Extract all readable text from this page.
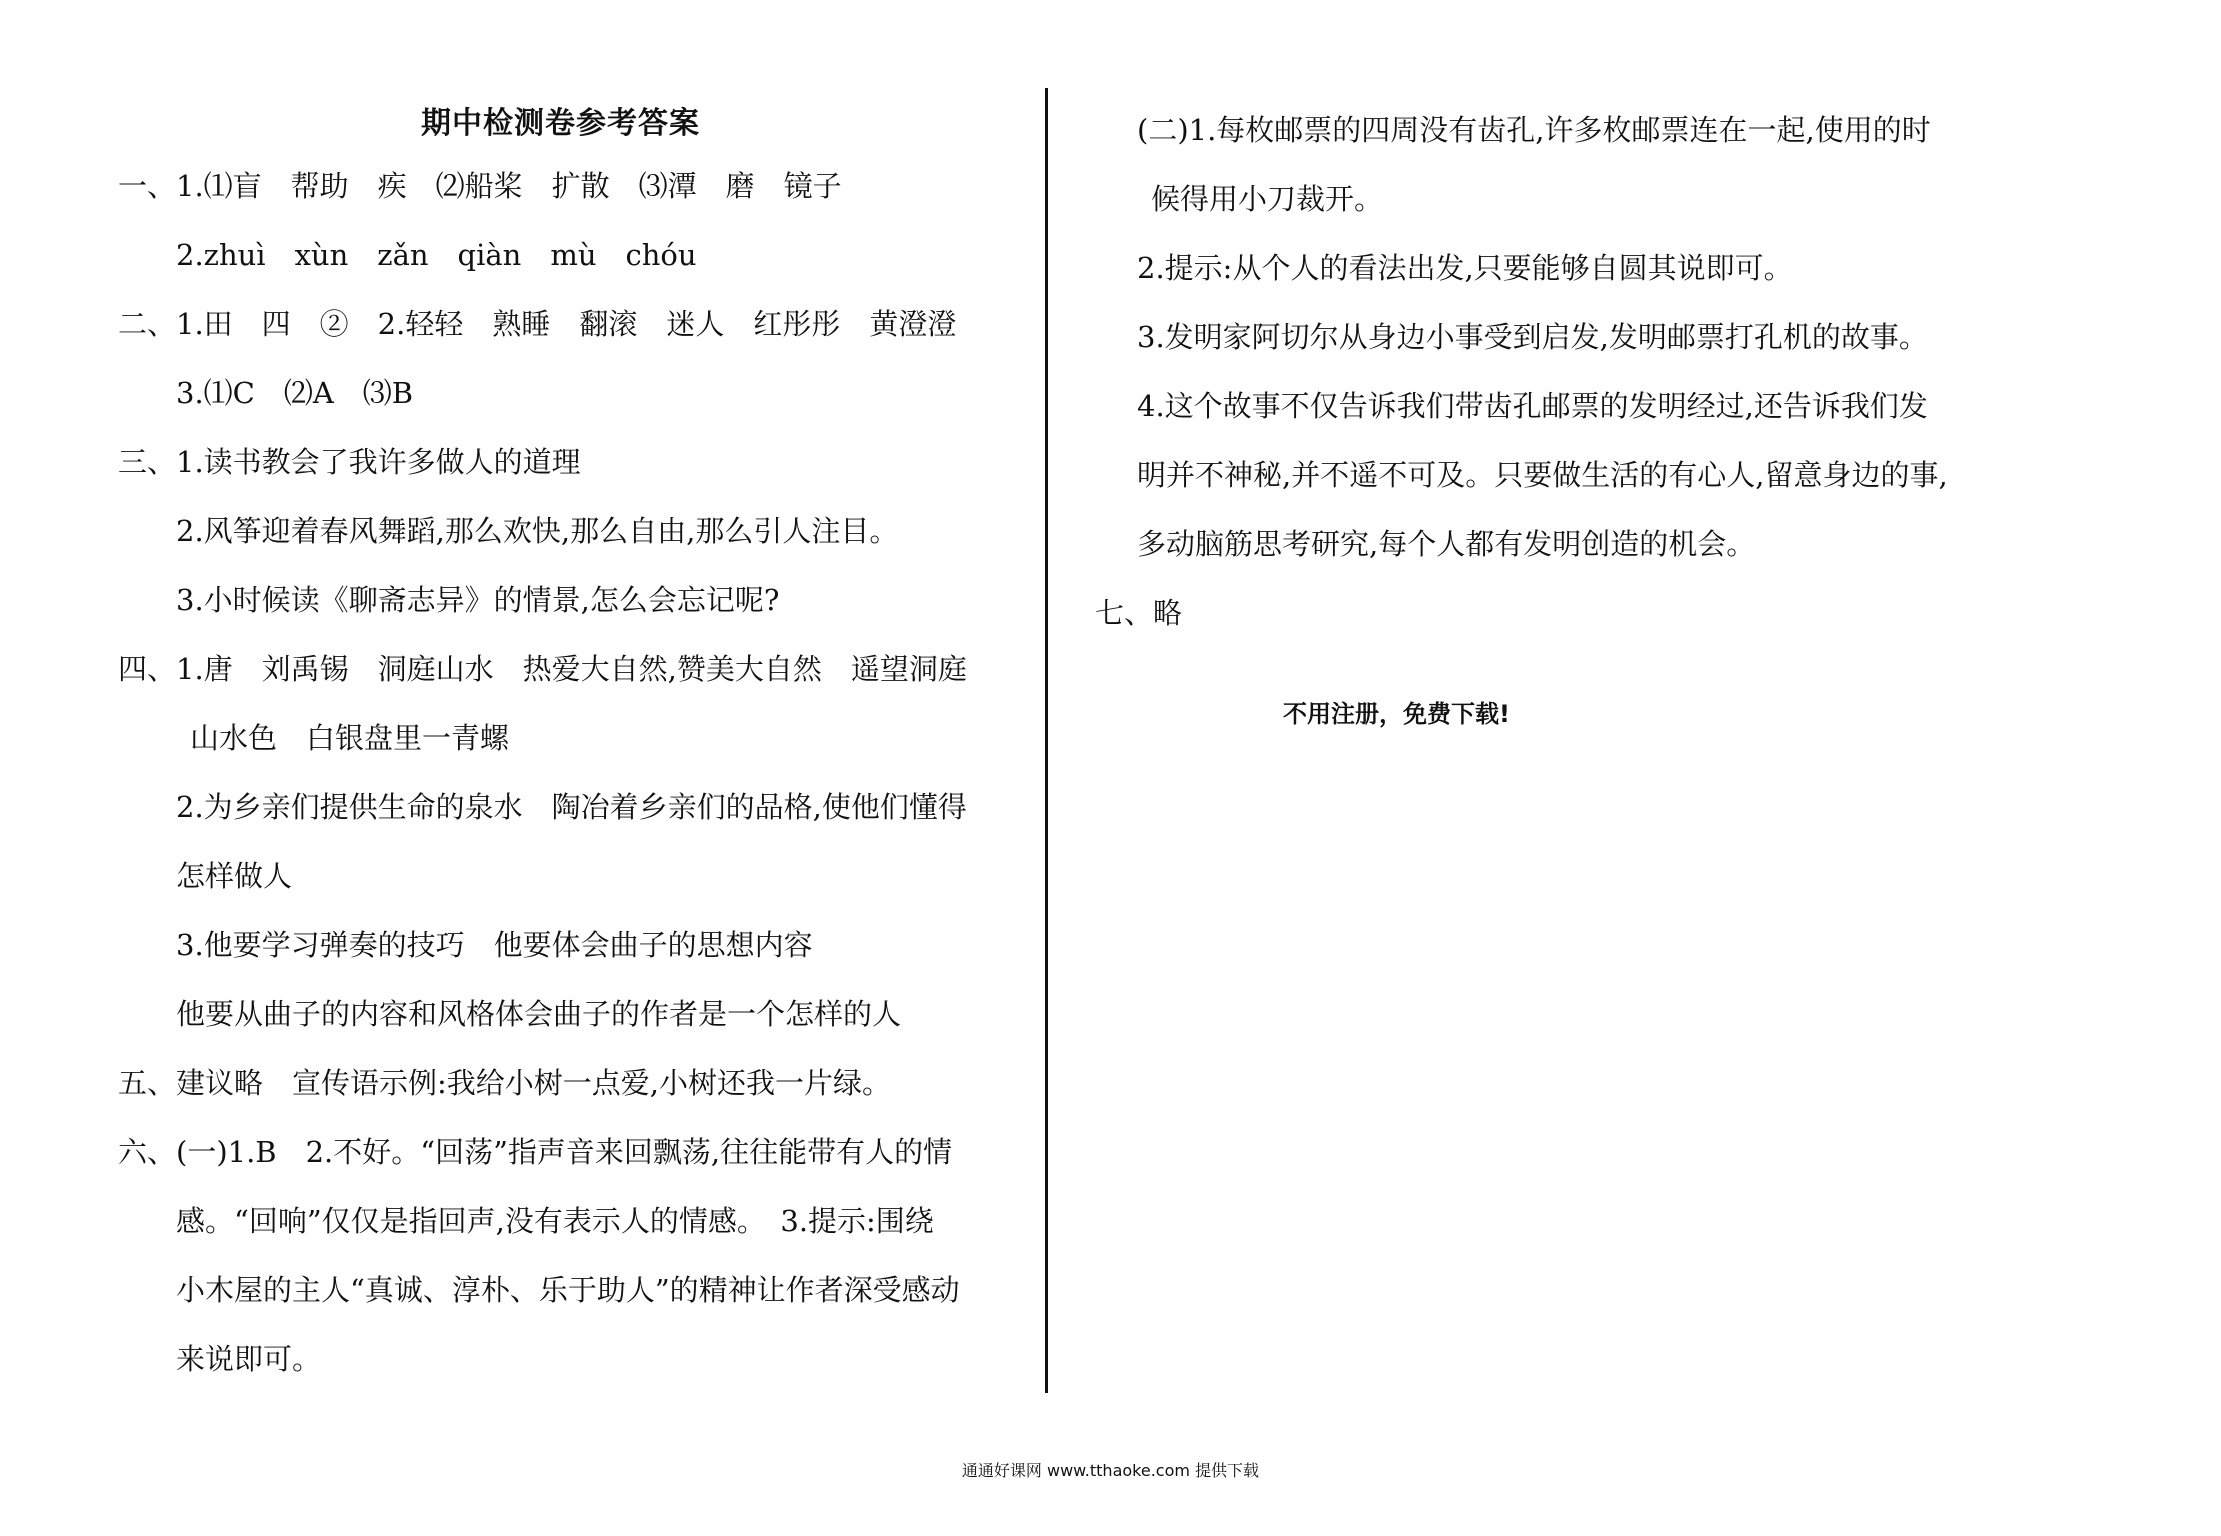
期中检测卷参考答案
一、1.⑴盲　帮助　疾　⑵船桨　扩散　⑶潭　磨　镜子
2.zhuì　xùn　zǎn　qiàn　mù　chóu
二、1.田　四　②　2.轻轻　熟睡　翻滚　迷人　红彤彤　黄澄澄
3.⑴C　⑵A　⑶B
三、1.读书教会了我许多做人的道理
2.风筝迎着春风舞蹈,那么欢快,那么自由,那么引人注目。
3.小时候读《聊斋志异》的情景,怎么会忘记呢?
四、1.唐　刘禹锡　洞庭山水　热爱大自然,赞美大自然　遥望洞庭
山水色　白银盘里一青螺
2.为乡亲们提供生命的泉水　陶冶着乡亲们的品格,使他们懂得
怎样做人
3.他要学习弹奏的技巧　他要体会曲子的思想内容
他要从曲子的内容和风格体会曲子的作者是一个怎样的人
五、建议略　宣传语示例:我给小树一点爱,小树还我一片绿。
六、(一)1.B　2.不好。“回荡”指声音来回飘荡,往往能带有人的情
感。“回响”仅仅是指回声,没有表示人的情感。　3.提示:围绕
小木屋的主人“真诚、淳朴、乐于助人”的精神让作者深受感动
来说即可。
(二)1.每枚邮票的四周没有齿孔,许多枚邮票连在一起,使用的时
候得用小刀裁开。
2.提示:从个人的看法出发,只要能够自圆其说即可。
3.发明家阿切尔从身边小事受到启发,发明邮票打孔机的故事。
4.这个故事不仅告诉我们带齿孔邮票的发明经过,还告诉我们发
明并不神秘,并不遥不可及。只要做生活的有心人,留意身边的事,
多动脑筋思考研究,每个人都有发明创造的机会。
七、略
不用注册，免费下载!
通通好课网 www.tthaoke.com 提供下载
